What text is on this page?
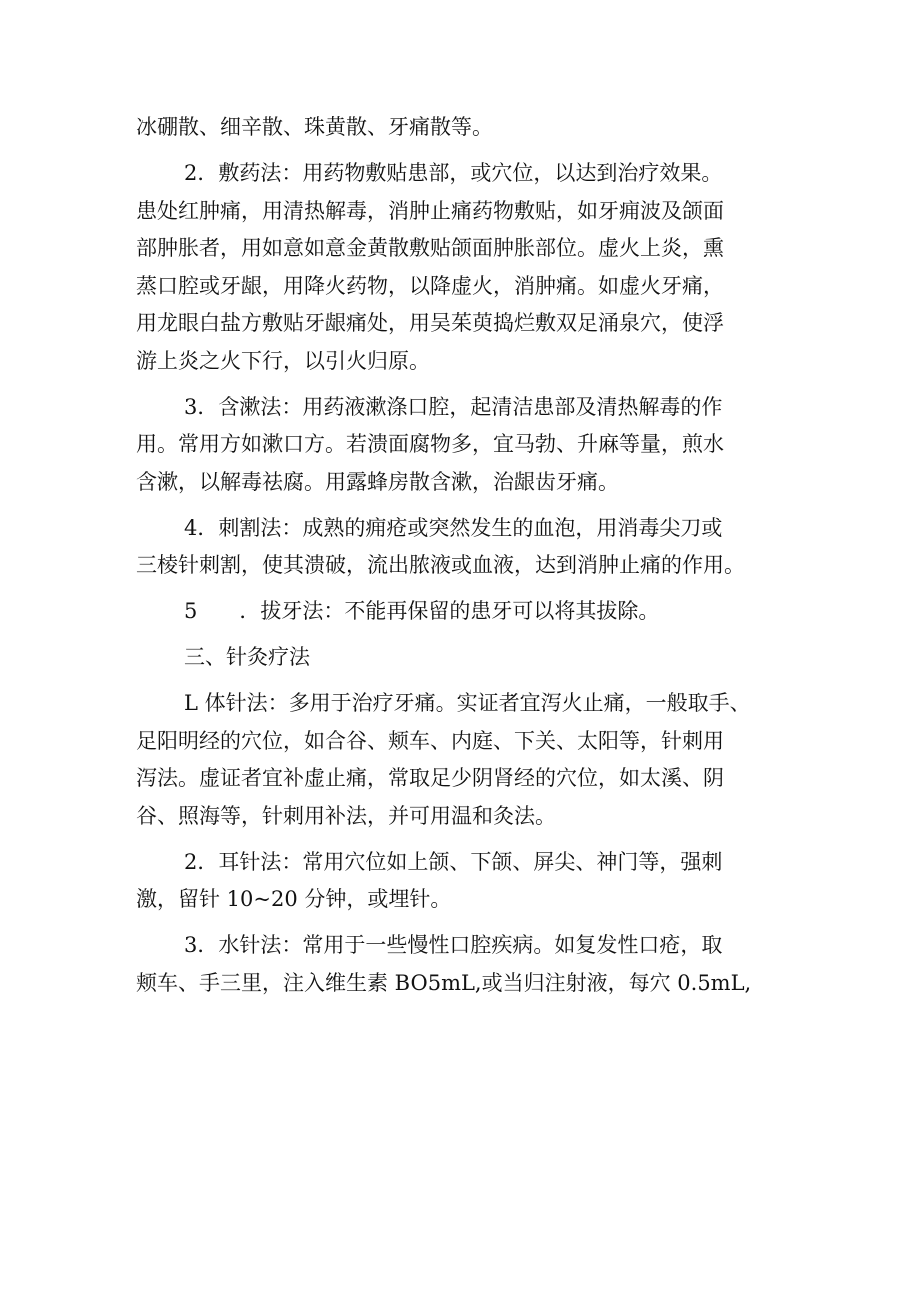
冰硼散、细辛散、珠黄散、牙痛散等。
2．敷药法：用药物敷贴患部，或穴位，以达到治疗效果。
患处红肿痛，用清热解毒，消肿止痛药物敷贴，如牙痈波及颌面
部肿胀者，用如意如意金黄散敷贴颌面肿胀部位。虚火上炎，熏
蒸口腔或牙龈，用降火药物，以降虚火，消肿痛。如虚火牙痛，
用龙眼白盐方敷贴牙龈痛处，用吴茱萸捣烂敷双足涌泉穴，使浮
游上炎之火下行，以引火归原。
3．含漱法：用药液漱涤口腔，起清洁患部及清热解毒的作
用。常用方如漱口方。若溃面腐物多，宜马勃、升麻等量，煎水
含漱，以解毒祛腐。用露蜂房散含漱，治龈齿牙痛。
4．刺割法：成熟的痈疮或突然发生的血泡，用消毒尖刀或
三棱针刺割，使其溃破，流出脓液或血液，达到消肿止痛的作用。
5　　．拔牙法：不能再保留的患牙可以将其拔除。
三、针灸疗法
L 体针法：多用于治疗牙痛。实证者宜泻火止痛，一般取手、
足阳明经的穴位，如合谷、颊车、内庭、下关、太阳等，针刺用
泻法。虚证者宜补虚止痛，常取足少阴肾经的穴位，如太溪、阴
谷、照海等，针刺用补法，并可用温和灸法。
2．耳针法：常用穴位如上颌、下颌、屏尖、神门等，强刺
激，留针 10~20 分钟，或埋针。
3．水针法：常用于一些慢性口腔疾病。如复发性口疮，取
颊车、手三里，注入维生素 BO5mL,或当归注射液，每穴 0.5mL,
